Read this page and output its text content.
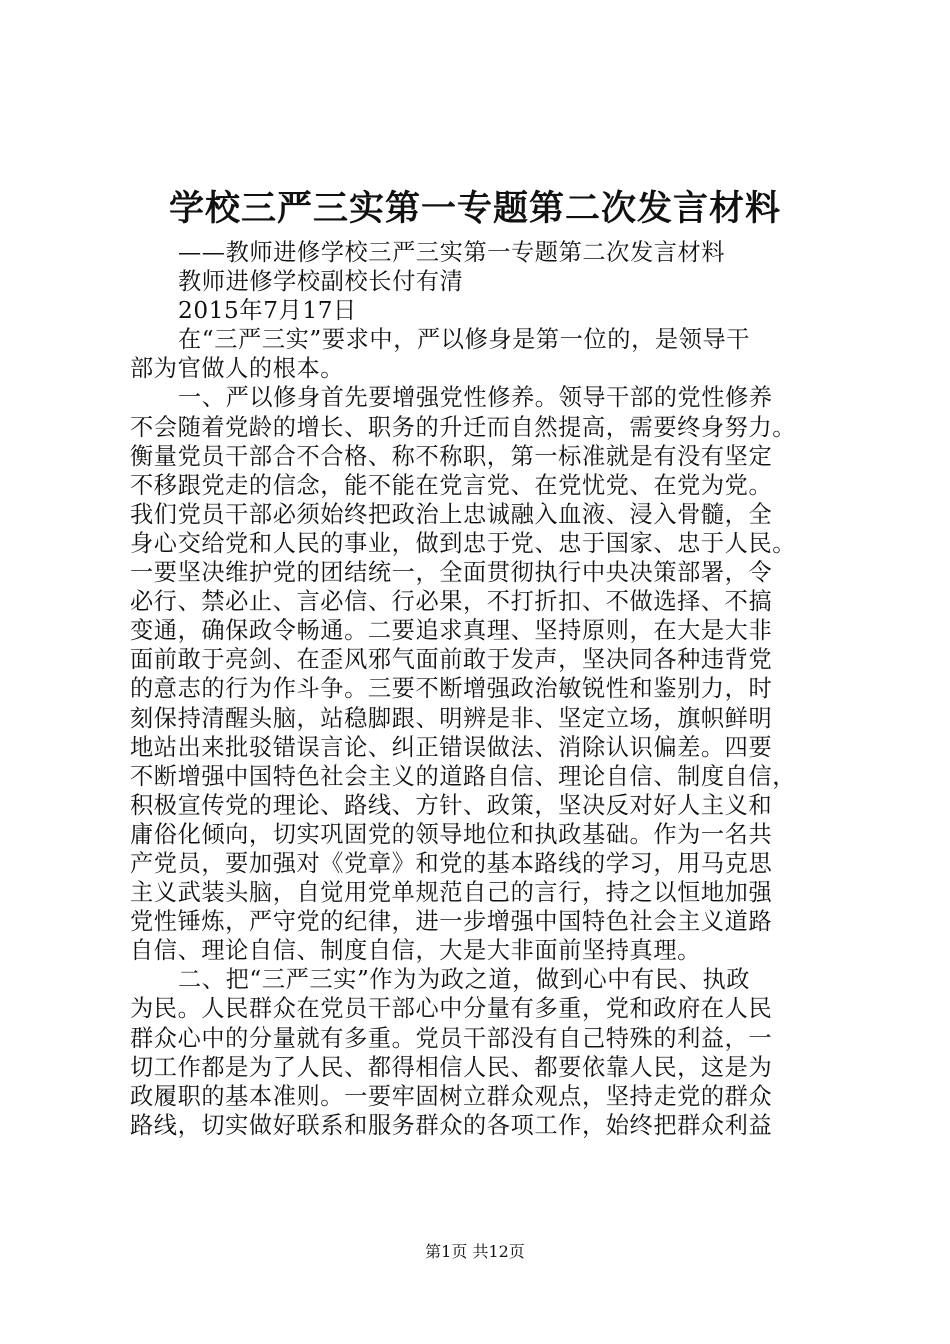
学校三严三实第一专题第二次发言材料
——教师进修学校三严三实第一专题第二次发言材料
教师进修学校副校长付有清
2015年7月17日
在“三严三实”要求中，严以修身是第一位的，是领导干
部为官做人的根本。
一、严以修身首先要增强党性修养。领导干部的党性修养
不会随着党龄的增长、职务的升迁而自然提高，需要终身努力。
衡量党员干部合不合格、称不称职，第一标准就是有没有坚定
不移跟党走的信念，能不能在党言党、在党忧党、在党为党。
我们党员干部必须始终把政治上忠诚融入血液、浸入骨髓，全
身心交给党和人民的事业，做到忠于党、忠于国家、忠于人民。
一要坚决维护党的团结统一，全面贯彻执行中央决策部署，令
必行、禁必止、言必信、行必果，不打折扣、不做选择、不搞
变通，确保政令畅通。二要追求真理、坚持原则，在大是大非
面前敢于亮剑、在歪风邪气面前敢于发声，坚决同各种违背党
的意志的行为作斗争。三要不断增强政治敏锐性和鉴别力，时
刻保持清醒头脑，站稳脚跟、明辨是非、坚定立场，旗帜鲜明
地站出来批驳错误言论、纠正错误做法、消除认识偏差。四要
不断增强中国特色社会主义的道路自信、理论自信、制度自信，
积极宣传党的理论、路线、方针、政策，坚决反对好人主义和
庸俗化倾向，切实巩固党的领导地位和执政基础。作为一名共
产党员，要加强对《党章》和党的基本路线的学习，用马克思
主义武装头脑，自觉用党单规范自己的言行，持之以恒地加强
党性锤炼，严守党的纪律，进一步增强中国特色社会主义道路
自信、理论自信、制度自信，大是大非面前坚持真理。
二、把“三严三实”作为为政之道，做到心中有民、执政
为民。人民群众在党员干部心中分量有多重，党和政府在人民
群众心中的分量就有多重。党员干部没有自己特殊的利益，一
切工作都是为了人民、都得相信人民、都要依靠人民，这是为
政履职的基本准则。一要牢固树立群众观点，坚持走党的群众
路线，切实做好联系和服务群众的各项工作，始终把群众利益
第1页 共12页
